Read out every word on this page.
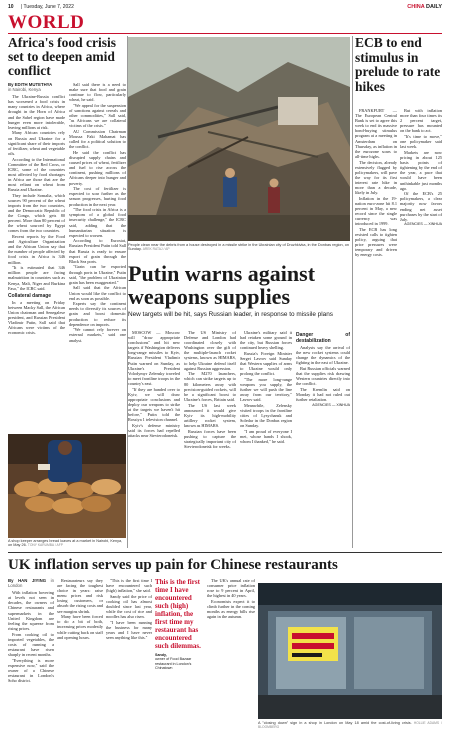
10 | Tuesday, June 7, 2022	CHINA DAILY
WORLD
Africa's food crisis set to deepen amid conflict
By EDITH MUTETHYA
in Nairobi, Kenya

The Ukraine-Russia conflict has worsened a food crisis in many countries in Africa, where drought in the Horn of Africa and the Sahel region have made hunger even more intolerable, leaving millions at risk.

Many African countries rely on Russia and Ukraine for a significant share of their imports of fertilizer, wheat and vegetable oils.

According to the International Committee of the Red Cross, or ICRC, some of the countries most affected by food shortages in Africa are those that are the most reliant on wheat from Russia and Ukraine.

They include Somalia, which sources 90 percent of the wheat imports from the two countries, and the Democratic Republic of the Congo, which gets 80 percent. More than 80 percent of the wheat sourced by Egypt comes from the two countries.

Recent reports by the Food and Agriculture Organization and the African Union say that the number of people affected by food crisis in Africa is 346 million.

"It is estimated that 346 million people are facing malnutrition in countries such as Kenya, Mali, Niger and Burkina Faso," the ICRC said.

Collateral damage

In a meeting on Friday between Macky Sall, the African Union chairman and Senegalese president, and Russian President Vladimir Putin, Sall said that Africans were victims of the economic crisis.

Sall said there is a need to make sure that food and grain continue to flow, particularly wheat, he said.

"We appeal for the suspension of sanctions against cereals and other commodities," Sall said, "as Africans we are collateral victims of the crisis."

AU Commission Chairman Moussa Faki Mahamat has called for a political solution to the conflict.

He said the conflict has disrupted supply chains and caused prices of wheat, fertilizer and fuel to rise across the continent, pushing millions of Africans deeper into hunger and poverty.

The cost of fertilizer is expected to soar further as the season progresses, hurting food production in the next year.

"The food crisis in Africa is a symptom of a global food insecurity challenge," the ICRC said, adding that the humanitarian situation is expected to worsen.

According to Eurostat, Russian President Putin told Sall that Russia is ready to ensure export of grain through the Black Sea ports.

"Grain can be exported through ports in Ukraine," Putin said, "the problem of Ukrainian grain has been exaggerated."

Sall said that the African Union would like the conflict to end as soon as possible.

Experts say the continent needs to diversify its sources of grain and boost domestic production to reduce its dependence on imports.

"We cannot rely forever on external markets," said one analyst.

A shop keeper arranges bread loaves at a market in Nairobi, Kenya, on May 26. TONY KARUMBA / AFP
People clean near the debris from a house destroyed in a missile strike in the Ukrainian city of Druzhkivka, in the Donbas region, on Sunday. AREK RATAJ / AP
Putin warns against weapons supplies
New targets will be hit, says Russian leader, in response to missile plans

MOSCOW — Moscow will "draw appropriate conclusions" and hit new targets if Washington delivers long-range missiles to Kyiv, Russian President Vladimir Putin warned on Sunday, as Ukraine's President Volodymyr Zelensky traveled to meet frontline troops in the country's east.

"If they are handed over to Kyiv, we will draw appropriate conclusions and deploy our weapons to strike at the targets we haven't hit before," Putin told the Rossiya 1 television channel.

Kyiv's defense ministry said its forces had repelled attacks near Sievierodonetsk.

The US Ministry of Defense and London had coordinated closely with Washington over the gift of the multiple-launch rocket systems, known as HIMARS, to help Ukraine defend itself against Russian aggression.

The M270 launchers, which can strike targets up to 80 kilometers away with precision-guided rockets, will be a significant boost to Ukraine's forces, Britain said.

The US last week announced it would give Kyiv its high-mobility artillery rocket system, known as HIMARS.

Russian forces have been pushing to capture the strategically important city of Sievierodonetsk for weeks.

Ukraine's military said it had retaken some ground in the city, but Russian forces continued heavy shelling.

Russia's Foreign Minister Sergei Lavrov said Sunday that Western supplies of arms to Ukraine would only prolong the conflict.

"The more long-range weapons you supply, the further we will push the line away from our territory," Lavrov said.

Meanwhile, Zelensky visited troops in the frontline cities of Lysychansk and Soledar in the Donbas region on Sunday.

"I am proud of everyone I met, whose hands I shook, whom I thanked," he said.

Danger of destabilization

Analysts say the arrival of the new rocket systems could change the dynamics of the fighting in the east of Ukraine.

But Russian officials warned that the supplies risk drawing Western countries directly into the conflict.

The Kremlin said on Monday it had not ruled out further retaliation.

AGENCIES — XINHUA

ECB to end stimulus in prelude to rate hikes

FRANKFURT — The European Central Bank is set to agree this week to end its massive bond-buying stimulus program at a meeting in Amsterdam on Thursday, as inflation in the eurozone soars to all-time highs.

The decision, already extensively flagged by policymakers, will pave the way for its first interest rate hike in more than a decade, likely in July.

Inflation in the 19-nation euro-zone hit 8.1 percent in May, a new record since the single currency was introduced in 1999.

The ECB has long resisted calls to tighten policy, arguing that price pressures were temporary and driven by energy costs.

But with inflation more than four times its 2 percent target, pressure has mounted on the bank to act.

"It's time to move," one policymaker said last week.

Markets are now pricing in about 125 basis points of tightening by the end of the year, a pace that would have been unthinkable just months ago.

Of the ECB's 25 policymakers, a clear majority now favors ending net asset purchases by the start of July.

AGENCIES — XINHUA

UK inflation serves up pain for Chinese restaurants
By HAN JIYING in London

With inflation hovering at levels not seen in decades, the owners of Chinese restaurants and supermarkets in the United Kingdom are feeling the squeeze from rising prices.

From cooking oil to imported vegetables, the costs of running a restaurant have risen sharply in recent months.

"Everything is more expensive now," said the owner of a Chinese restaurant in London's Soho district.

Restaurateurs say they are facing the toughest choice in years: raise menu prices and risk losing customers, or absorb the rising costs and see margins shrink.

Many have been forced to do a bit of both, increasing prices modestly while cutting back on staff and opening hours.

"This is the first time I have encountered such (high) inflation," she said.

Sandy said the price of cooking oil has almost doubled since last year, while the cost of rice and noodles has also risen.

"I have been running the business for many years and I have never seen anything like this."

This is the first time I have encountered such (high) inflation, the first time my restaurant has encountered such dilemmas.
Sandy,
owner of Food Bazaar restaurant in London's Chinatown

The UK's annual rate of consumer price inflation rose to 9 percent in April, the highest in 40 years.

Economists expect it to climb further in the coming months as energy bills rise again in the autumn.

A "closing down" sign in a shop in London on May 18 amid the cost-of-living crisis. HOLLIE ADAMS / BLOOMBERG
